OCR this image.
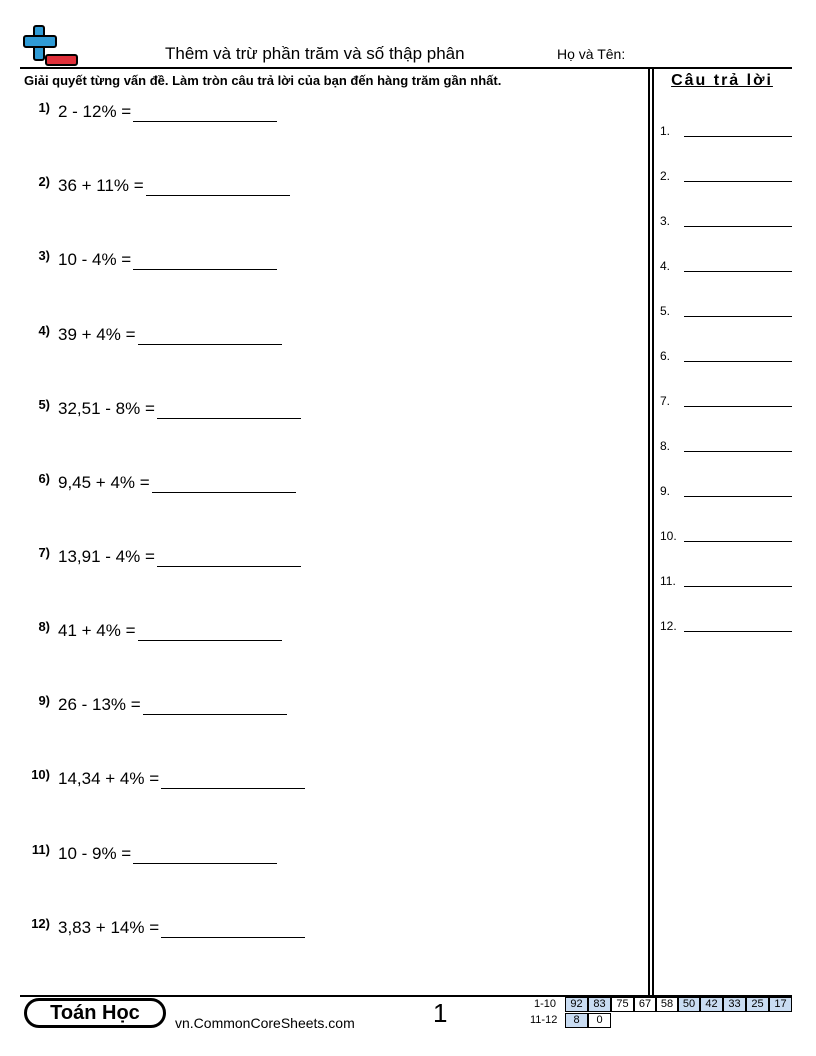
Thêm và trừ phần trăm và số thập phân	Họ và Tên:
Giải quyết từng vấn đề. Làm tròn câu trả lời của bạn đến hàng trăm gần nhất.	Câu trả lời
1) 2 - 12% =
2) 36 + 11% =
3) 10 - 4% =
4) 39 + 4% =
5) 32,51 - 8% =
6) 9,45 + 4% =
7) 13,91 - 4% =
8) 41 + 4% =
9) 26 - 13% =
10) 14,34 + 4% =
11) 10 - 9% =
12) 3,83 + 14% =
1.
2.
3.
4.
5.
6.
7.
8.
9.
10.
11.
12.
Toán Học	vn.CommonCoreSheets.com	1	1-10	92 83 75 67 58 50 42 33 25 17
11-12	8	0
